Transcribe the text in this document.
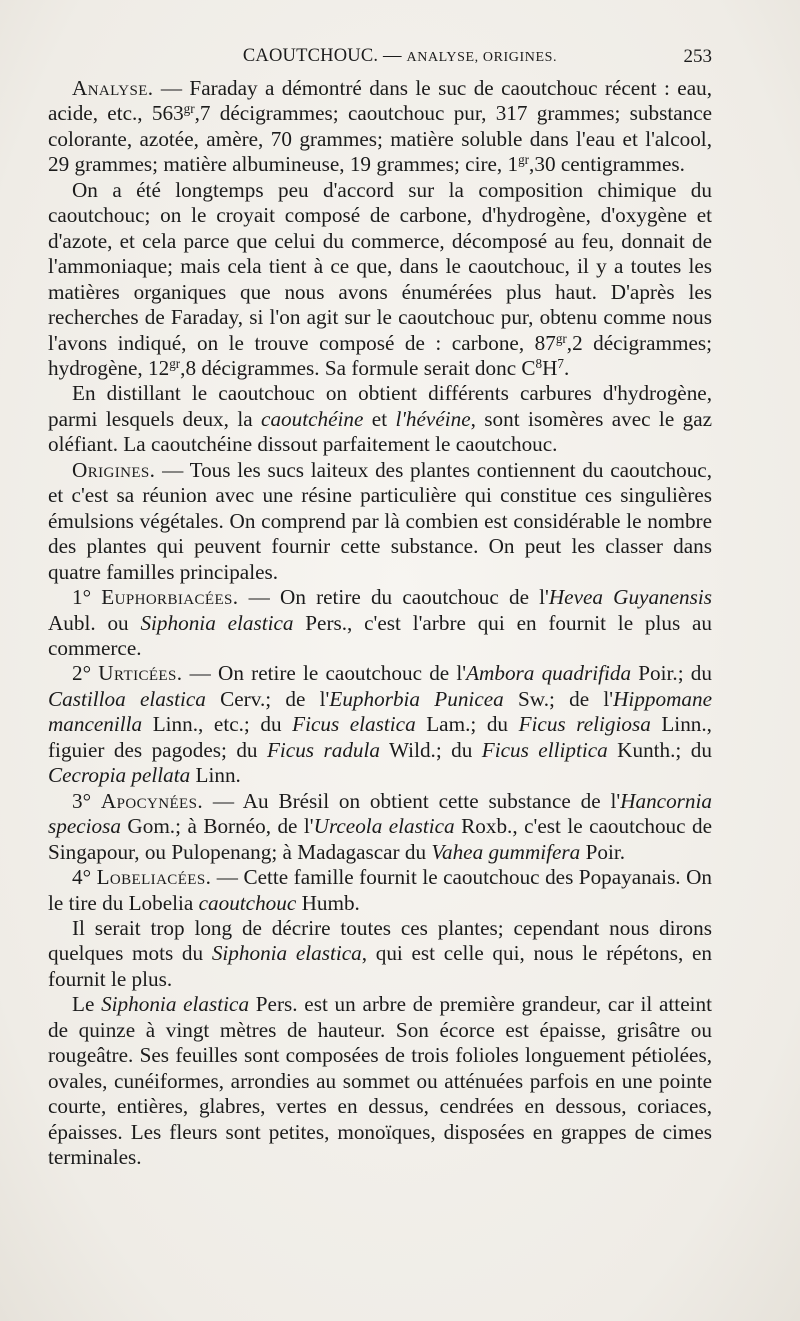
CAOUTCHOUC. — ANALYSE, ORIGINES.	253

Analyse. — Faraday a démontré dans le suc de caoutchouc récent : eau, acide, etc., $563^{gr},7$ décigrammes; caoutchouc pur, 317 grammes; substance colorante, azotée, amère, 70 grammes; matière soluble dans l'eau et l'alcool, 29 grammes; matière albumineuse, 19 grammes; cire, $1^{gr},30$ centigrammes.

On a été longtemps peu d'accord sur la composition chimique du caoutchouc; on le croyait composé de carbone, d'hydrogène, d'oxygène et d'azote, et cela parce que celui du commerce, décomposé au feu, donnait de l'ammoniaque; mais cela tient à ce que, dans le caoutchouc, il y a toutes les matières organiques que nous avons énumérées plus haut. D'après les recherches de Faraday, si l'on agit sur le caoutchouc pur, obtenu comme nous l'avons indiqué, on le trouve composé de : carbone, $87^{gr},2$ décigrammes; hydrogène, $12^{gr},8$ décigrammes. Sa formule serait donc $C^8H^7$.

En distillant le caoutchouc on obtient différents carbures d'hydrogène, parmi lesquels deux, la caoutchéine et l'hévéine, sont isomères avec le gaz oléfiant. La caoutchéine dissout parfaitement le caoutchouc.

Origines. — Tous les sucs laiteux des plantes contiennent du caoutchouc, et c'est sa réunion avec une résine particulière qui constitue ces singulières émulsions végétales. On comprend par là combien est considérable le nombre des plantes qui peuvent fournir cette substance. On peut les classer dans quatre familles principales.

1° Euphorbiacées. — On retire du caoutchouc de l'Hevea Guyanensis Aubl. ou Siphonia elastica Pers., c'est l'arbre qui en fournit le plus au commerce.

2° Urticées. — On retire le caoutchouc de l'Ambora quadrifida Poir.; du Castilloa elastica Cerv.; de l'Euphorbia Punicea Sw.; de l'Hippomane mancenilla Linn., etc.; du Ficus elastica Lam.; du Ficus religiosa Linn., figuier des pagodes; du Ficus radula Wild.; du Ficus elliptica Kunth.; du Cecropia pellata Linn.

3° Apocynées. — Au Brésil on obtient cette substance de l'Hancornia speciosa Gom.; à Bornéo, de l'Urceola elastica Roxb., c'est le caoutchouc de Singapour, ou Pulopenang; à Madagascar du Vahea gummifera Poir.

4° Lobeliacées. — Cette famille fournit le caoutchouc des Popayanais. On le tire du Lobelia caoutchouc Humb.

Il serait trop long de décrire toutes ces plantes; cependant nous dirons quelques mots du Siphonia elastica, qui est celle qui, nous le répétons, en fournit le plus.

Le Siphonia elastica Pers. est un arbre de première grandeur, car il atteint de quinze à vingt mètres de hauteur. Son écorce est épaisse, grisâtre ou rougeâtre. Ses feuilles sont composées de trois folioles longuement pétiolées, ovales, cunéiformes, arrondies au sommet ou atténuées parfois en une pointe courte, entières, glabres, vertes en dessus, cendrées en dessous, coriaces, épaisses. Les fleurs sont petites, monoïques, disposées en grappes de cimes terminales.
